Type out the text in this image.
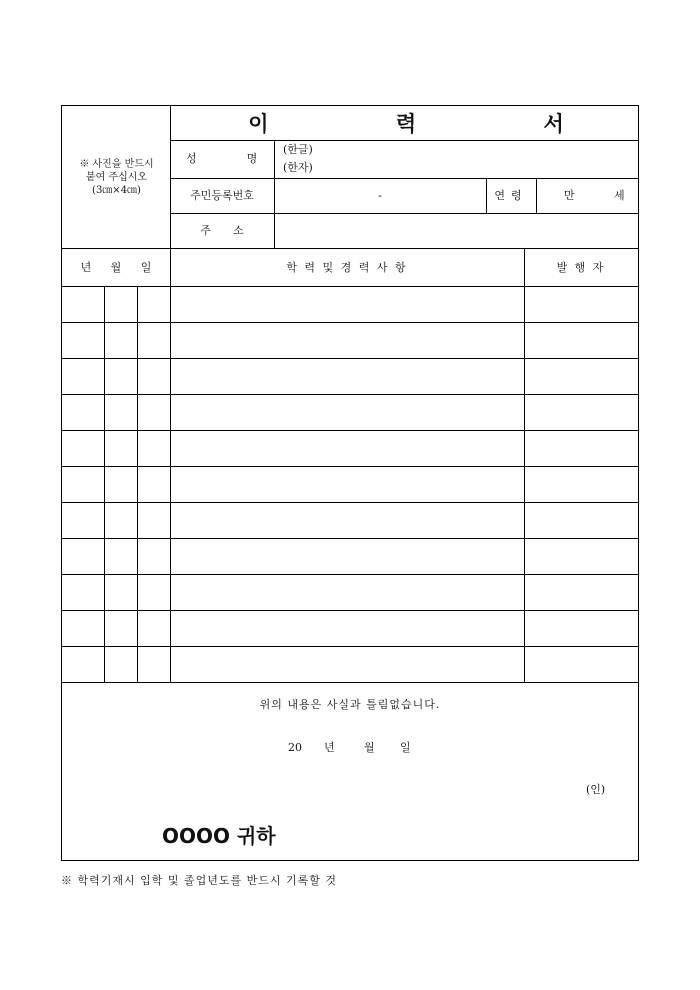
※ 사진을 반드시
붙여 주십시오
(3㎝×4㎝)
이 력 서
성명
(한글)
(한자)
주민등록번호	-	연령	만	세
주소
년 월 일	학 력 및 경 력 사 항	발 행 자
위의 내용은 사실과 틀림없습니다.
20 년	월 일
(인)
OOOO 귀하
※ 학력기재시 입학 및 졸업년도를 반드시 기록할 것
